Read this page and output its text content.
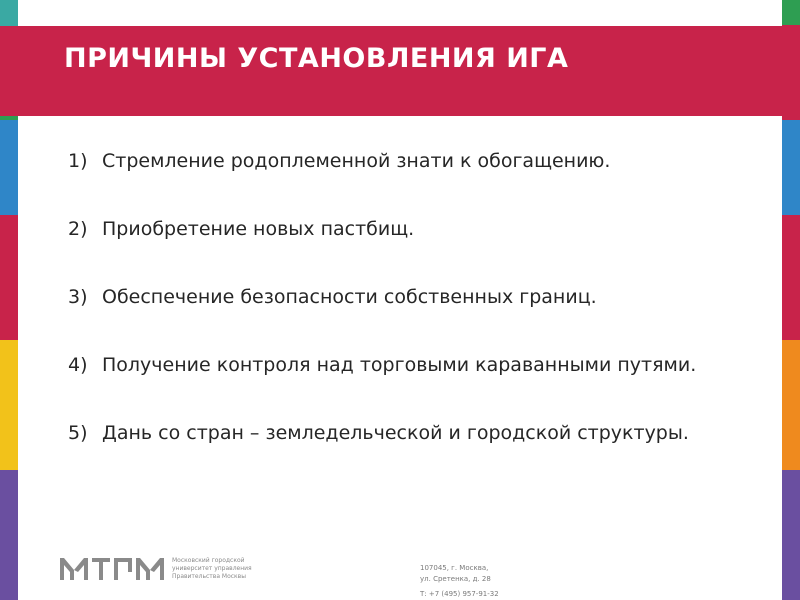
ПРИЧИНЫ УСТАНОВЛЕНИЯ ИГА
1) Стремление родоплеменной знати к обогащению.
2) Приобретение новых пастбищ.
3) Обеспечение безопасности собственных границ.
4) Получение контроля над торговыми караванными путями.
5) Дань со стран – земледельческой и городской структуры.
Московский городской
университет управления
Правительства Москвы
107045, г. Москва,
ул. Сретенка, д. 28
Т: +7 (495) 957-91-32
